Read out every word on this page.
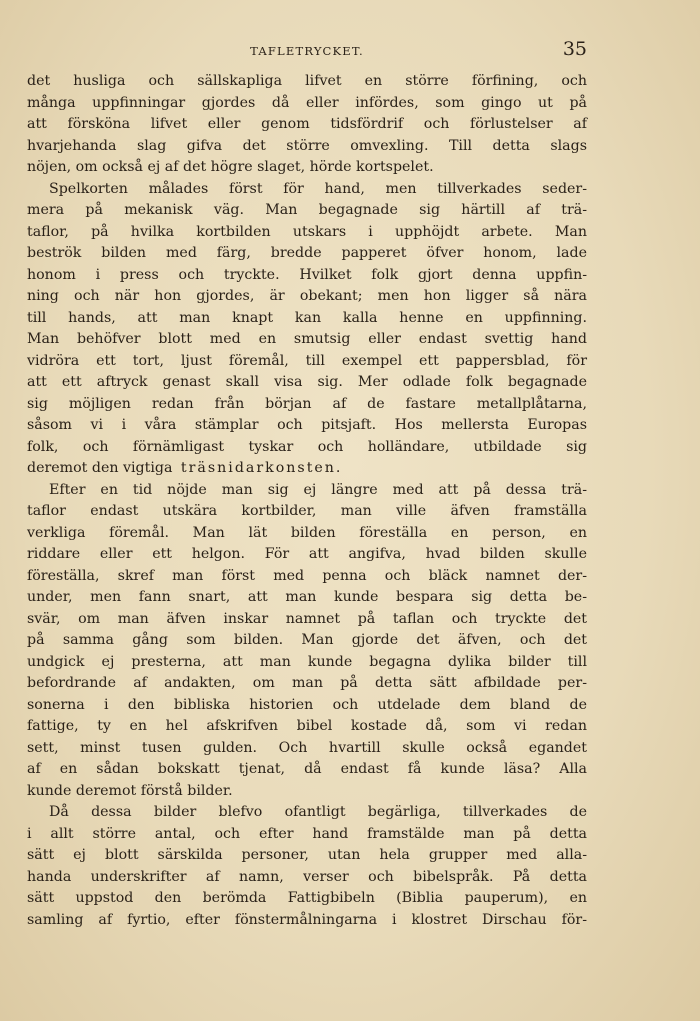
TAFLETRYCKET.	35
det husliga och sällskapliga lifvet en större förfining, och
många uppfinningar gjordes då eller infördes, som gingo ut på
att försköna lifvet eller genom tidsfördrif och förlustelser af
hvarjehanda slag gifva det större omvexling. Till detta slags
nöjen, om också ej af det högre slaget, hörde kortspelet.
Spelkorten målades först för hand, men tillverkades seder-
mera på mekanisk väg. Man begagnade sig härtill af trä-
taflor, på hvilka kortbilden utskars i upphöjdt arbete. Man
beströk bilden med färg, bredde papperet öfver honom, lade
honom i press och tryckte. Hvilket folk gjort denna uppfin-
ning och när hon gjordes, är obekant; men hon ligger så nära
till hands, att man knapt kan kalla henne en uppfinning.
Man behöfver blott med en smutsig eller endast svettig hand
vidröra ett tort, ljust föremål, till exempel ett pappersblad, för
att ett aftryck genast skall visa sig. Mer odlade folk begagnade
sig möjligen redan från början af de fastare metallplåtarna,
såsom vi i våra stämplar och pitsjaft. Hos mellersta Europas
folk, och förnämligast tyskar och holländare, utbildade sig
deremot den vigtiga träsnidarkonsten.
Efter en tid nöjde man sig ej längre med att på dessa trä-
taflor endast utskära kortbilder, man ville äfven framställa
verkliga föremål. Man lät bilden föreställa en person, en
riddare eller ett helgon. För att angifva, hvad bilden skulle
föreställa, skref man först med penna och bläck namnet der-
under, men fann snart, att man kunde bespara sig detta be-
svär, om man äfven inskar namnet på taflan och tryckte det
på samma gång som bilden. Man gjorde det äfven, och det
undgick ej presterna, att man kunde begagna dylika bilder till
befordrande af andakten, om man på detta sätt afbildade per-
sonerna i den bibliska historien och utdelade dem bland de
fattige, ty en hel afskrifven bibel kostade då, som vi redan
sett, minst tusen gulden. Och hvartill skulle också egandet
af en sådan bokskatt tjenat, då endast få kunde läsa? Alla
kunde deremot förstå bilder.
Då dessa bilder blefvo ofantligt begärliga, tillverkades de
i allt större antal, och efter hand framstälde man på detta
sätt ej blott särskilda personer, utan hela grupper med alla-
handa underskrifter af namn, verser och bibelspråk. På detta
sätt uppstod den berömda Fattigbibeln (Biblia pauperum), en
samling af fyrtio, efter fönstermålningarna i klostret Dirschau för-
